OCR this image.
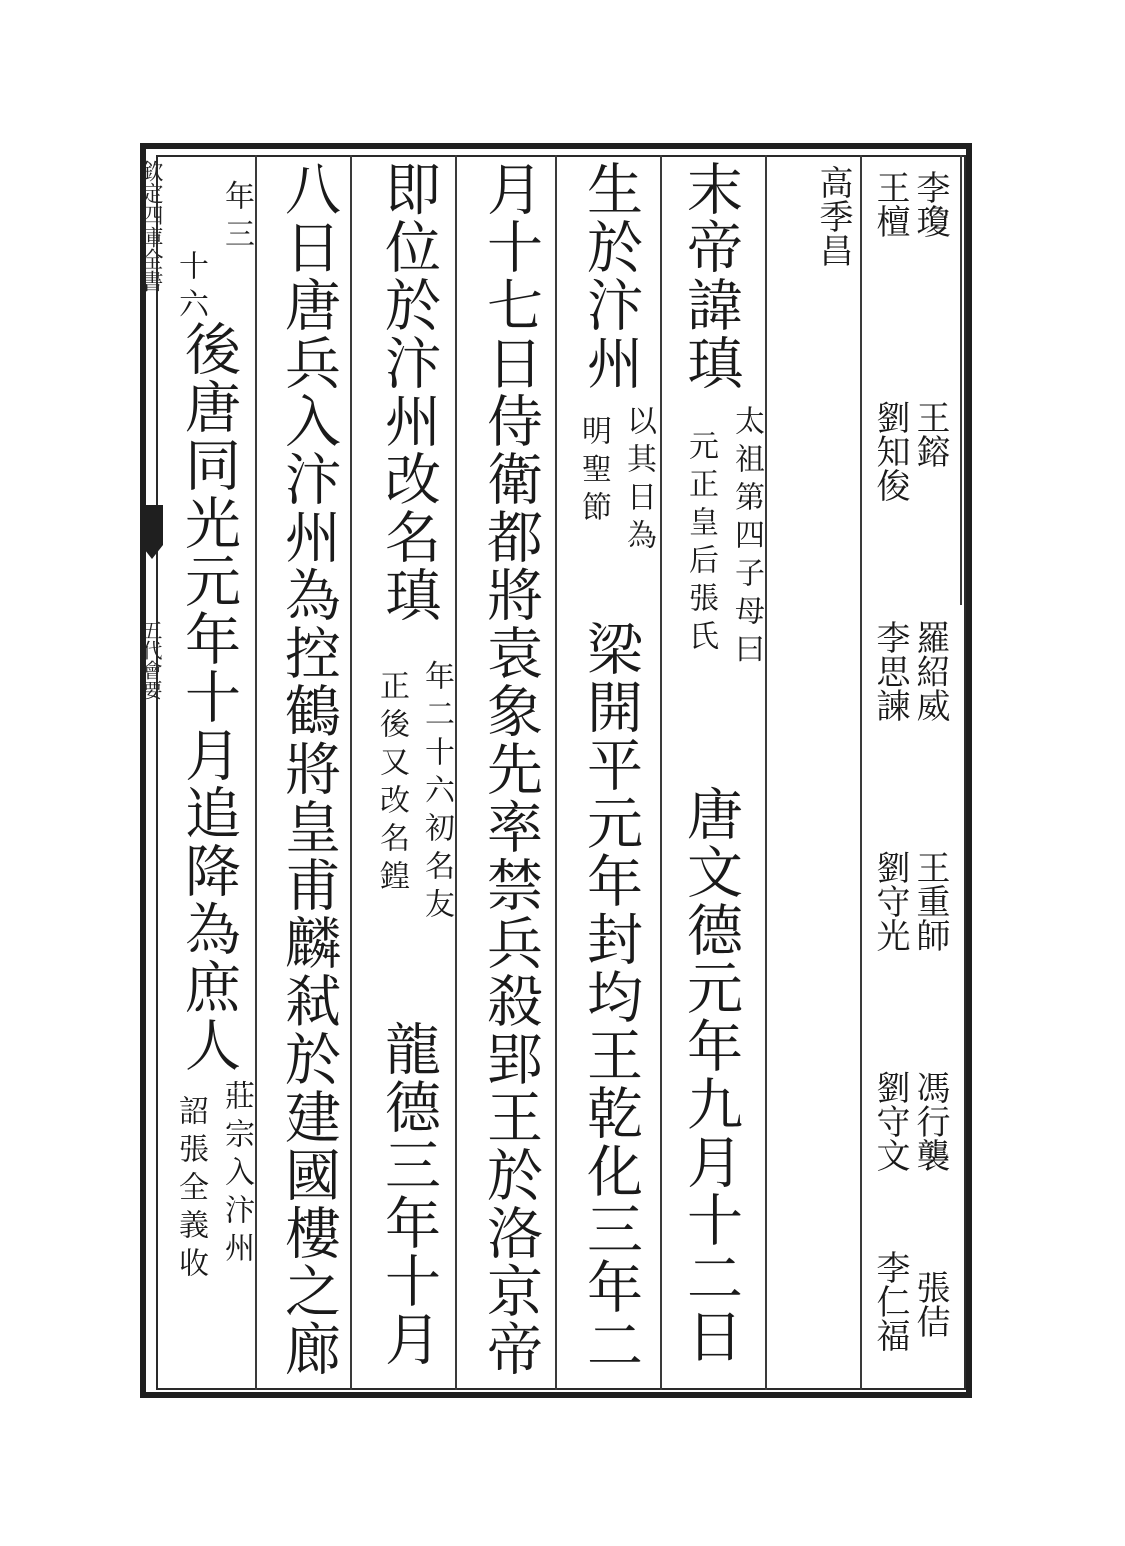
欽定四庫全書
五代會要
李瓊
王鎔
羅紹威
王重師
馮行襲
張佶
王檀
劉知俊
李思諫
劉守光
劉守文
李仁福
高季昌
末帝諱瑱
太祖第四子母曰
元正皇后張氏
唐文德元年九月十二日
生於汴州
以其日為
明聖節
梁開平元年封均王乾化三年二
月十七日侍衛都將袁象先率禁兵殺郢王於洛京帝
即位於汴州改名瑱
年二十六初名友
正後又改名鍠
龍德三年十月
八日唐兵入汴州為控鶴將皇甫麟弒於建國樓之廊
年三
十六
後唐同光元年十月追降為庶人
莊宗入汴州
詔張全義收
